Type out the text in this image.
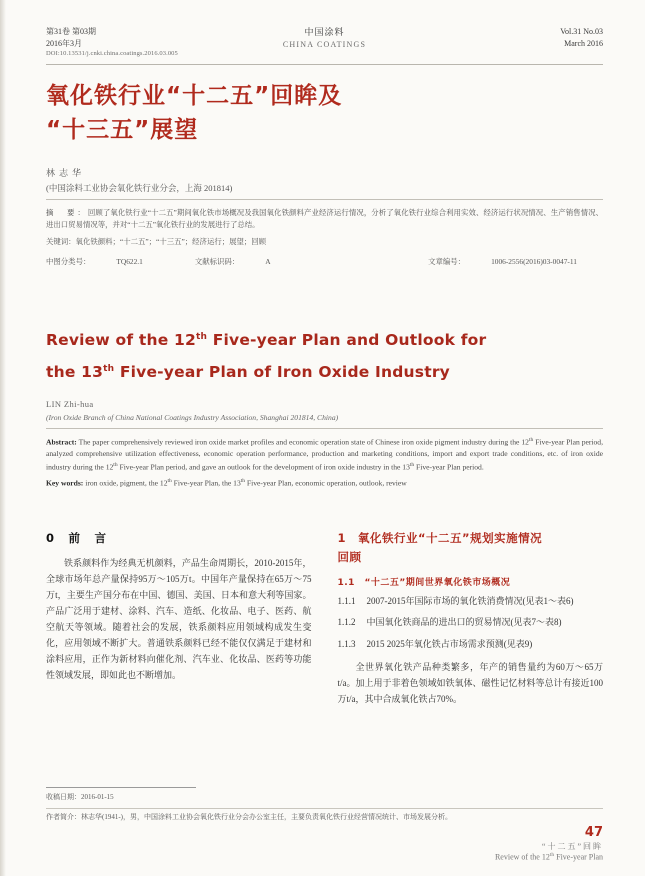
第31卷 第03期
2016年3月
DOI:10.13531/j.cnki.china.coatings.2016.03.005
中国涂料
CHINA COATINGS
Vol.31 No.03
March 2016
氧化铁行业“十二五”回眸及
“十三五”展望
林志华
(中国涂料工业协会氧化铁行业分会，上海 201814)
摘　要：回顾了氧化铁行业“十二五”期间氧化铁市场概况及我国氧化铁颜料产业经济运行情况，分析了氧化铁行业综合利用实效、经济运行状况情况、生产销售情况、进出口贸易情况等，并对“十二五”氧化铁行业的发展进行了总结。
关键词：氧化铁颜料；“十二五”；“十三五”；经济运行；展望；回顾
中图分类号：	TQ622.1	文献标识码：	A	文章编号：	1006-2556(2016)03-0047-11
Review of the 12th Five-year Plan and Outlook for
the 13th Five-year Plan of Iron Oxide Industry
LIN Zhi-hua
(Iron Oxide Branch of China National Coatings Industry Association, Shanghai 201814, China)
Abstract: The paper comprehensively reviewed iron oxide market profiles and economic operation state of Chinese iron oxide pigment industry during the 12th Five-year Plan period, analyzed comprehensive utilization effectiveness, economic operation performance, production and marketing conditions, import and export trade conditions, etc. of iron oxide industry during the 12th Five-year Plan period, and gave an outlook for the development of iron oxide industry in the 13th Five-year Plan period.
Key words: iron oxide, pigment, the 12th Five-year Plan, the 13th Five-year Plan, economic operation, outlook, review
0　前　言
铁系颜料作为经典无机颜料，产品生命周期长，2010-2015年，全球市场年总产量保持95万～105万t。中国年产量保持在65万～75万t，主要生产国分布在中国、德国、美国、日本和意大利等国家。产品广泛用于建材、涂料、汽车、造纸、化妆品、电子、医药、航空航天等领域。随着社会的发展，铁系颜料应用领域构成发生变化，应用领域不断扩大。普通铁系颜料已经不能仅仅满足于建材和涂料应用，正作为新材料向催化剂、汽车业、化妆品、医药等功能性领域发展，即如此也不断增加。
1　氧化铁行业“十二五”规划实施情况
回顾
1.1　“十二五”期间世界氧化铁市场概况
1.1.1　 2007-2015年国际市场的氧化铁消费情况(见表1～表6)
1.1.2　 中国氧化铁商品的进出口的贸易情况(见表7～表8)
1.1.3　 2015 2025年氧化铁占市场需求预测(见表9)
全世界氧化铁产品种类繁多，年产的销售量约为60万～65万t/a。加上用于非着色领域如铁氧体、磁性记忆材料等总计有接近100万t/a，其中合成氧化铁占70%。
收稿日期：2016-01-15
作者简介：林志华(1941-)，男，中国涂料工业协会氧化铁行业分会办公室主任，主要负责氧化铁行业经营情况统计、市场发展分析。
47
“十二五”回眸
Review of the 12th Five-year Plan
